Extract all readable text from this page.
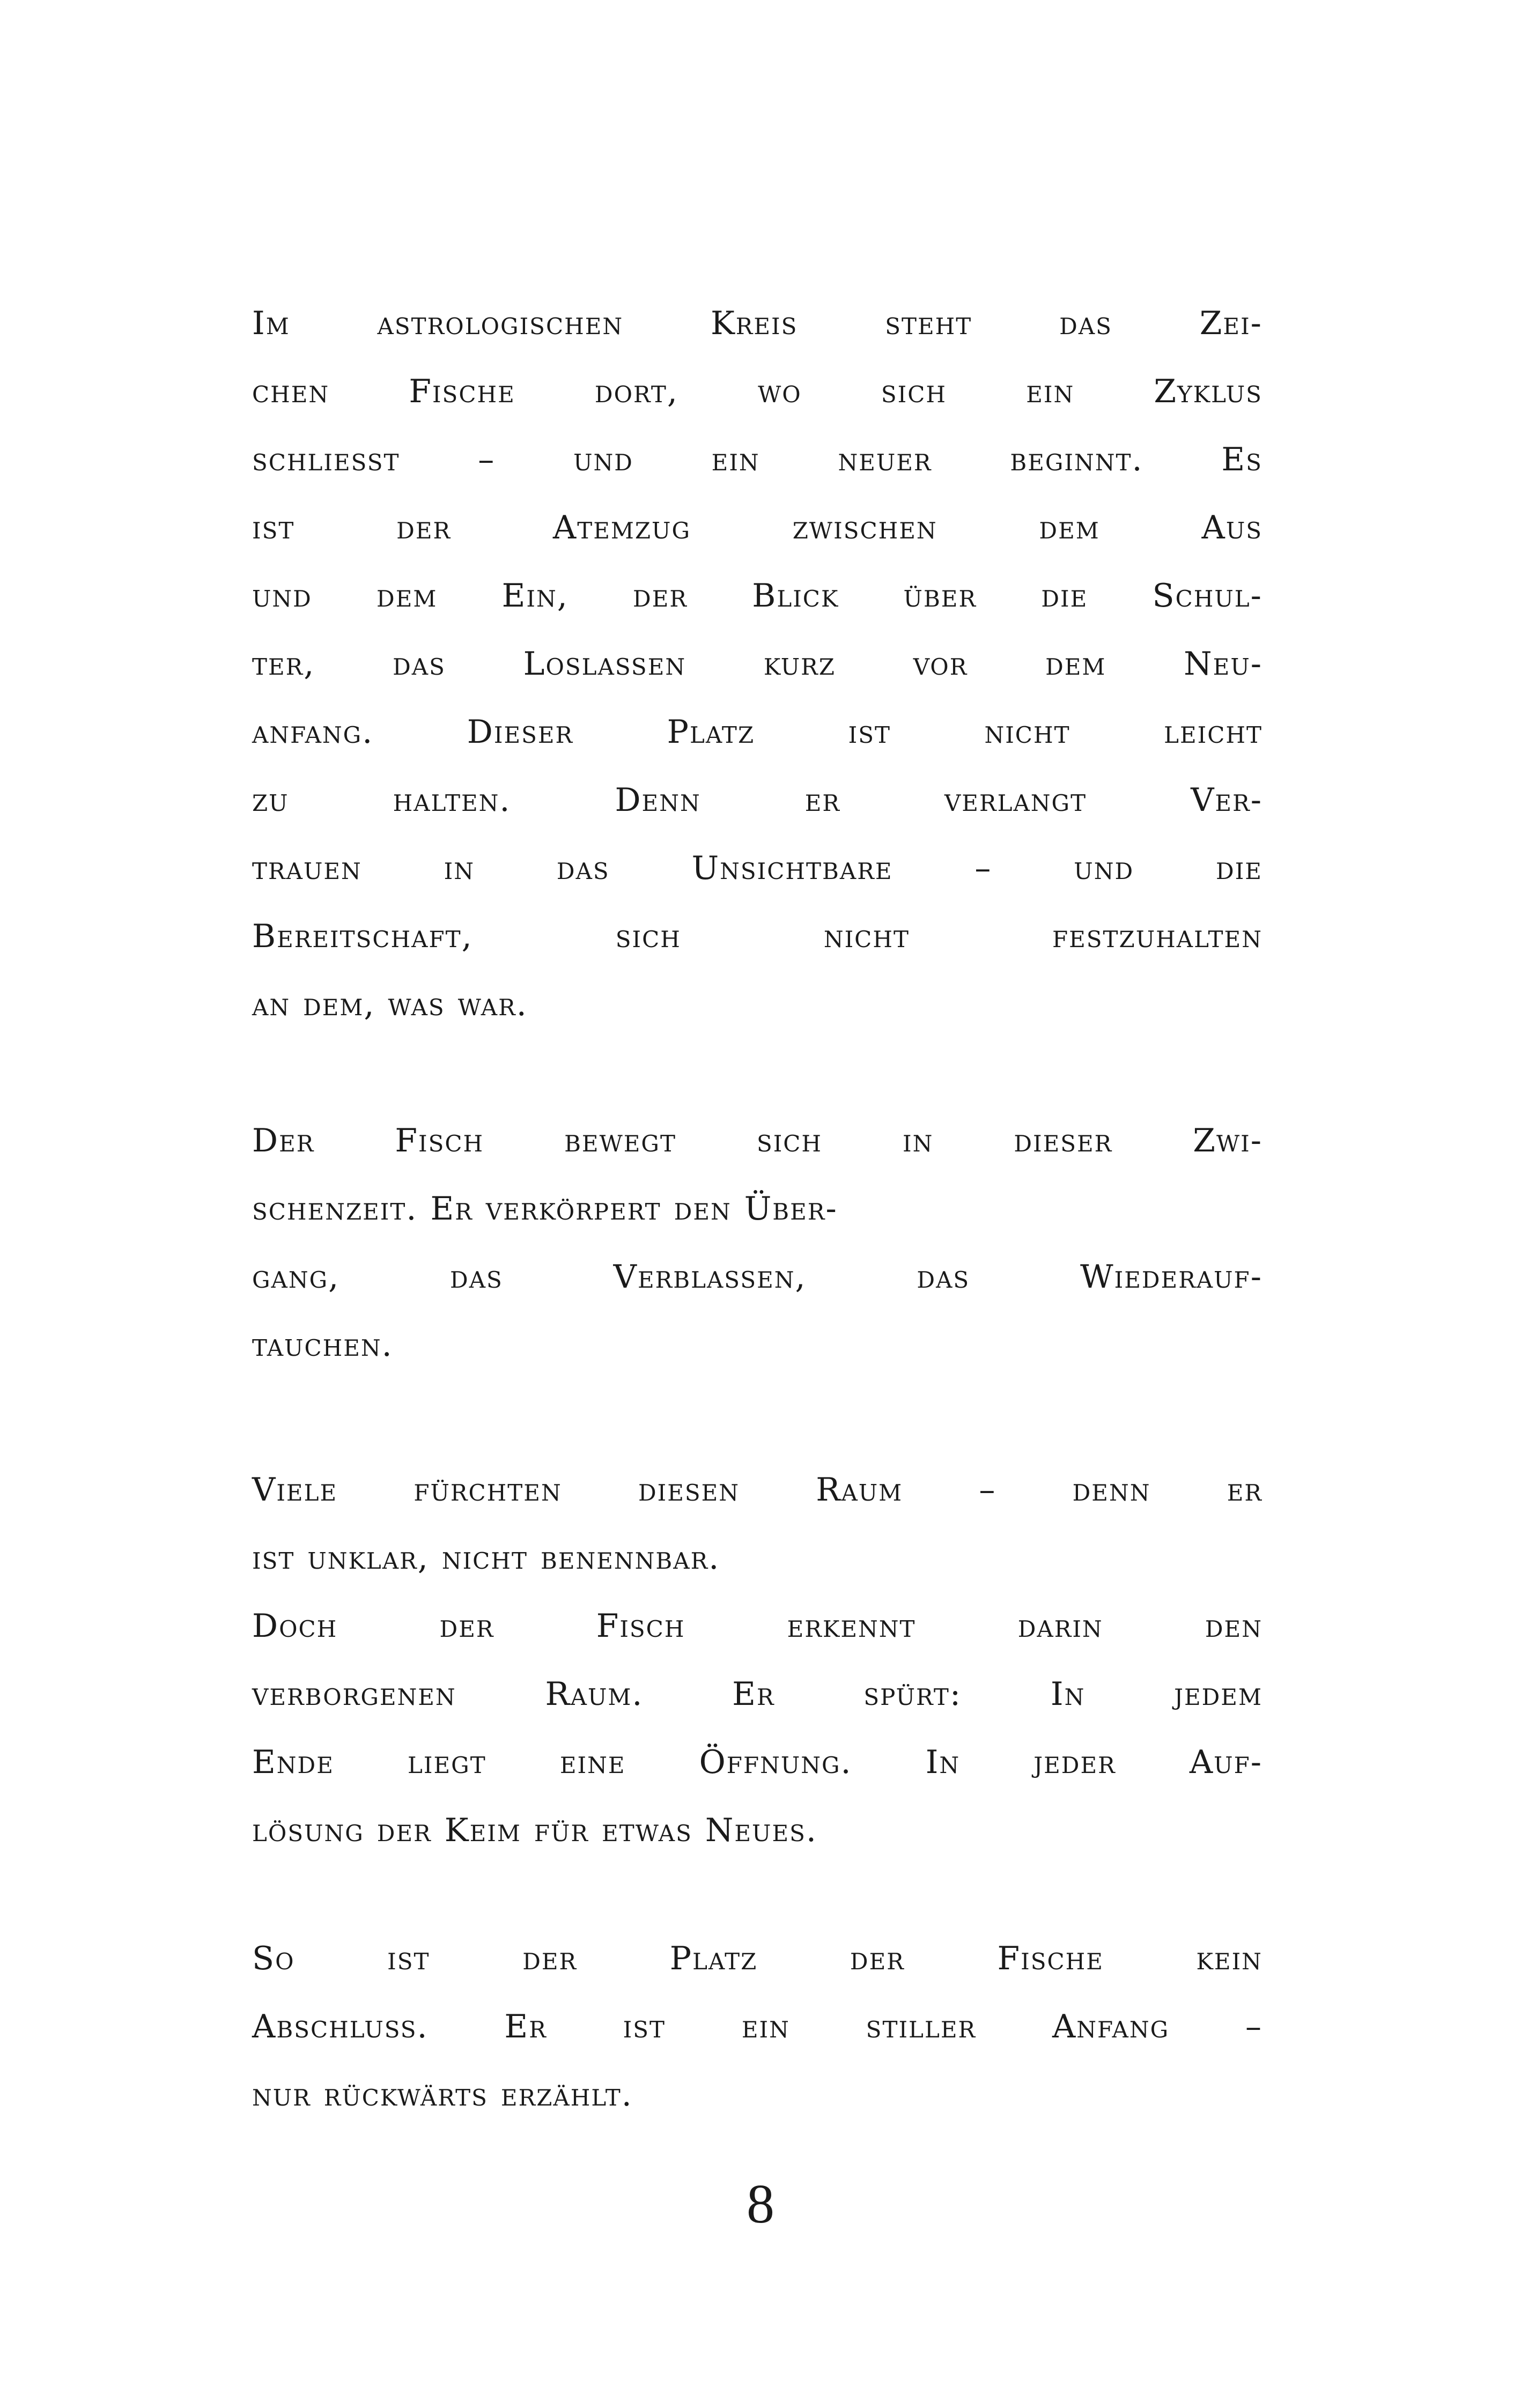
Im	astrologischen	Kreis	steht	das	Zei-
chen Fische dort, wo sich ein Zyklus
schliesst – und ein neuer beginnt. Es
ist	der	Atemzug	zwischen	dem	Aus
und dem Ein, der Blick über die Schul-
ter, das Loslassen kurz vor dem Neu-
anfang.	Dieser	Platz	ist	nicht	leicht
zu	halten.	Denn	er	verlangt	Ver-
trauen	in	das	Unsichtbare	–	und	die
Bereitschaft,	sich	nicht	festzuhalten
an dem, was war.
Der Fisch bewegt sich in dieser Zwi-
schenzeit. Er verkörpert den Über-
gang,	das	Verblassen,	das	Wiederauf-
tauchen.
Viele fürchten diesen Raum – denn er
ist unklar, nicht benennbar.
Doch	der	Fisch	erkennt	darin	den
verborgenen	Raum.	Er	spürt:	In	jedem
Ende liegt eine Öffnung. In jeder Auf-
lösung der Keim für etwas Neues.
So	ist	der	Platz	der	Fische	kein
Abschluss. Er ist ein stiller Anfang –
nur rückwärts erzählt.
8
